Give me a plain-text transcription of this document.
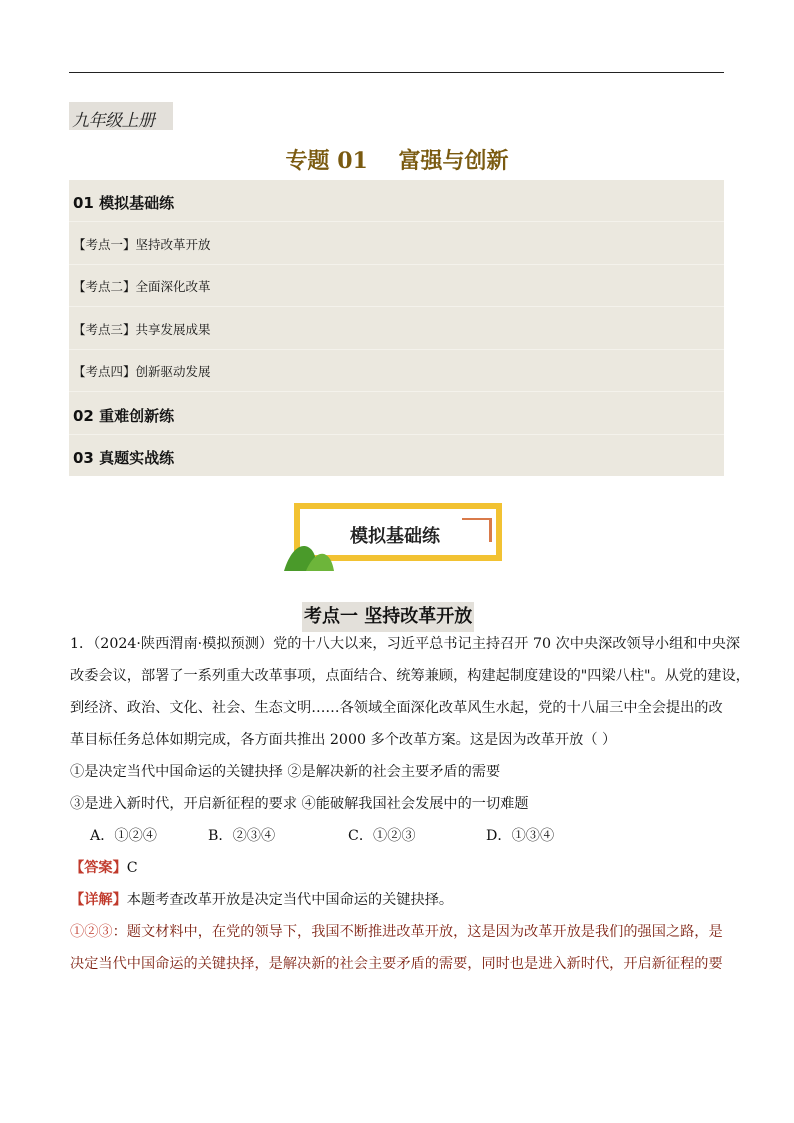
九年级上册
专题 01 富强与创新
01 模拟基础练
【考点一】坚持改革开放
【考点二】全面深化改革
【考点三】共享发展成果
【考点四】创新驱动发展
02 重难创新练
03 真题实战练
模拟基础练
考点一 坚持改革开放
1．（2024·陕西渭南·模拟预测）党的十八大以来，习近平总书记主持召开 70 次中央深改领导小组和中央深
改委会议，部署了一系列重大改革事项，点面结合、统筹兼顾，构建起制度建设的"四梁八柱"。从党的建设，
到经济、政治、文化、社会、生态文明……各领域全面深化改革风生水起，党的十八届三中全会提出的改
革目标任务总体如期完成，各方面共推出 2000 多个改革方案。这是因为改革开放（ ）
①是决定当代中国命运的关键抉择 ②是解决新的社会主要矛盾的需要
③是进入新时代，开启新征程的要求 ④能破解我国社会发展中的一切难题
A．①②④	B．②③④	C．①②③	D．①③④
【答案】C
【详解】本题考查改革开放是决定当代中国命运的关键抉择。
①②③：题文材料中，在党的领导下，我国不断推进改革开放，这是因为改革开放是我们的强国之路，是
决定当代中国命运的关键抉择，是解决新的社会主要矛盾的需要，同时也是进入新时代，开启新征程的要
